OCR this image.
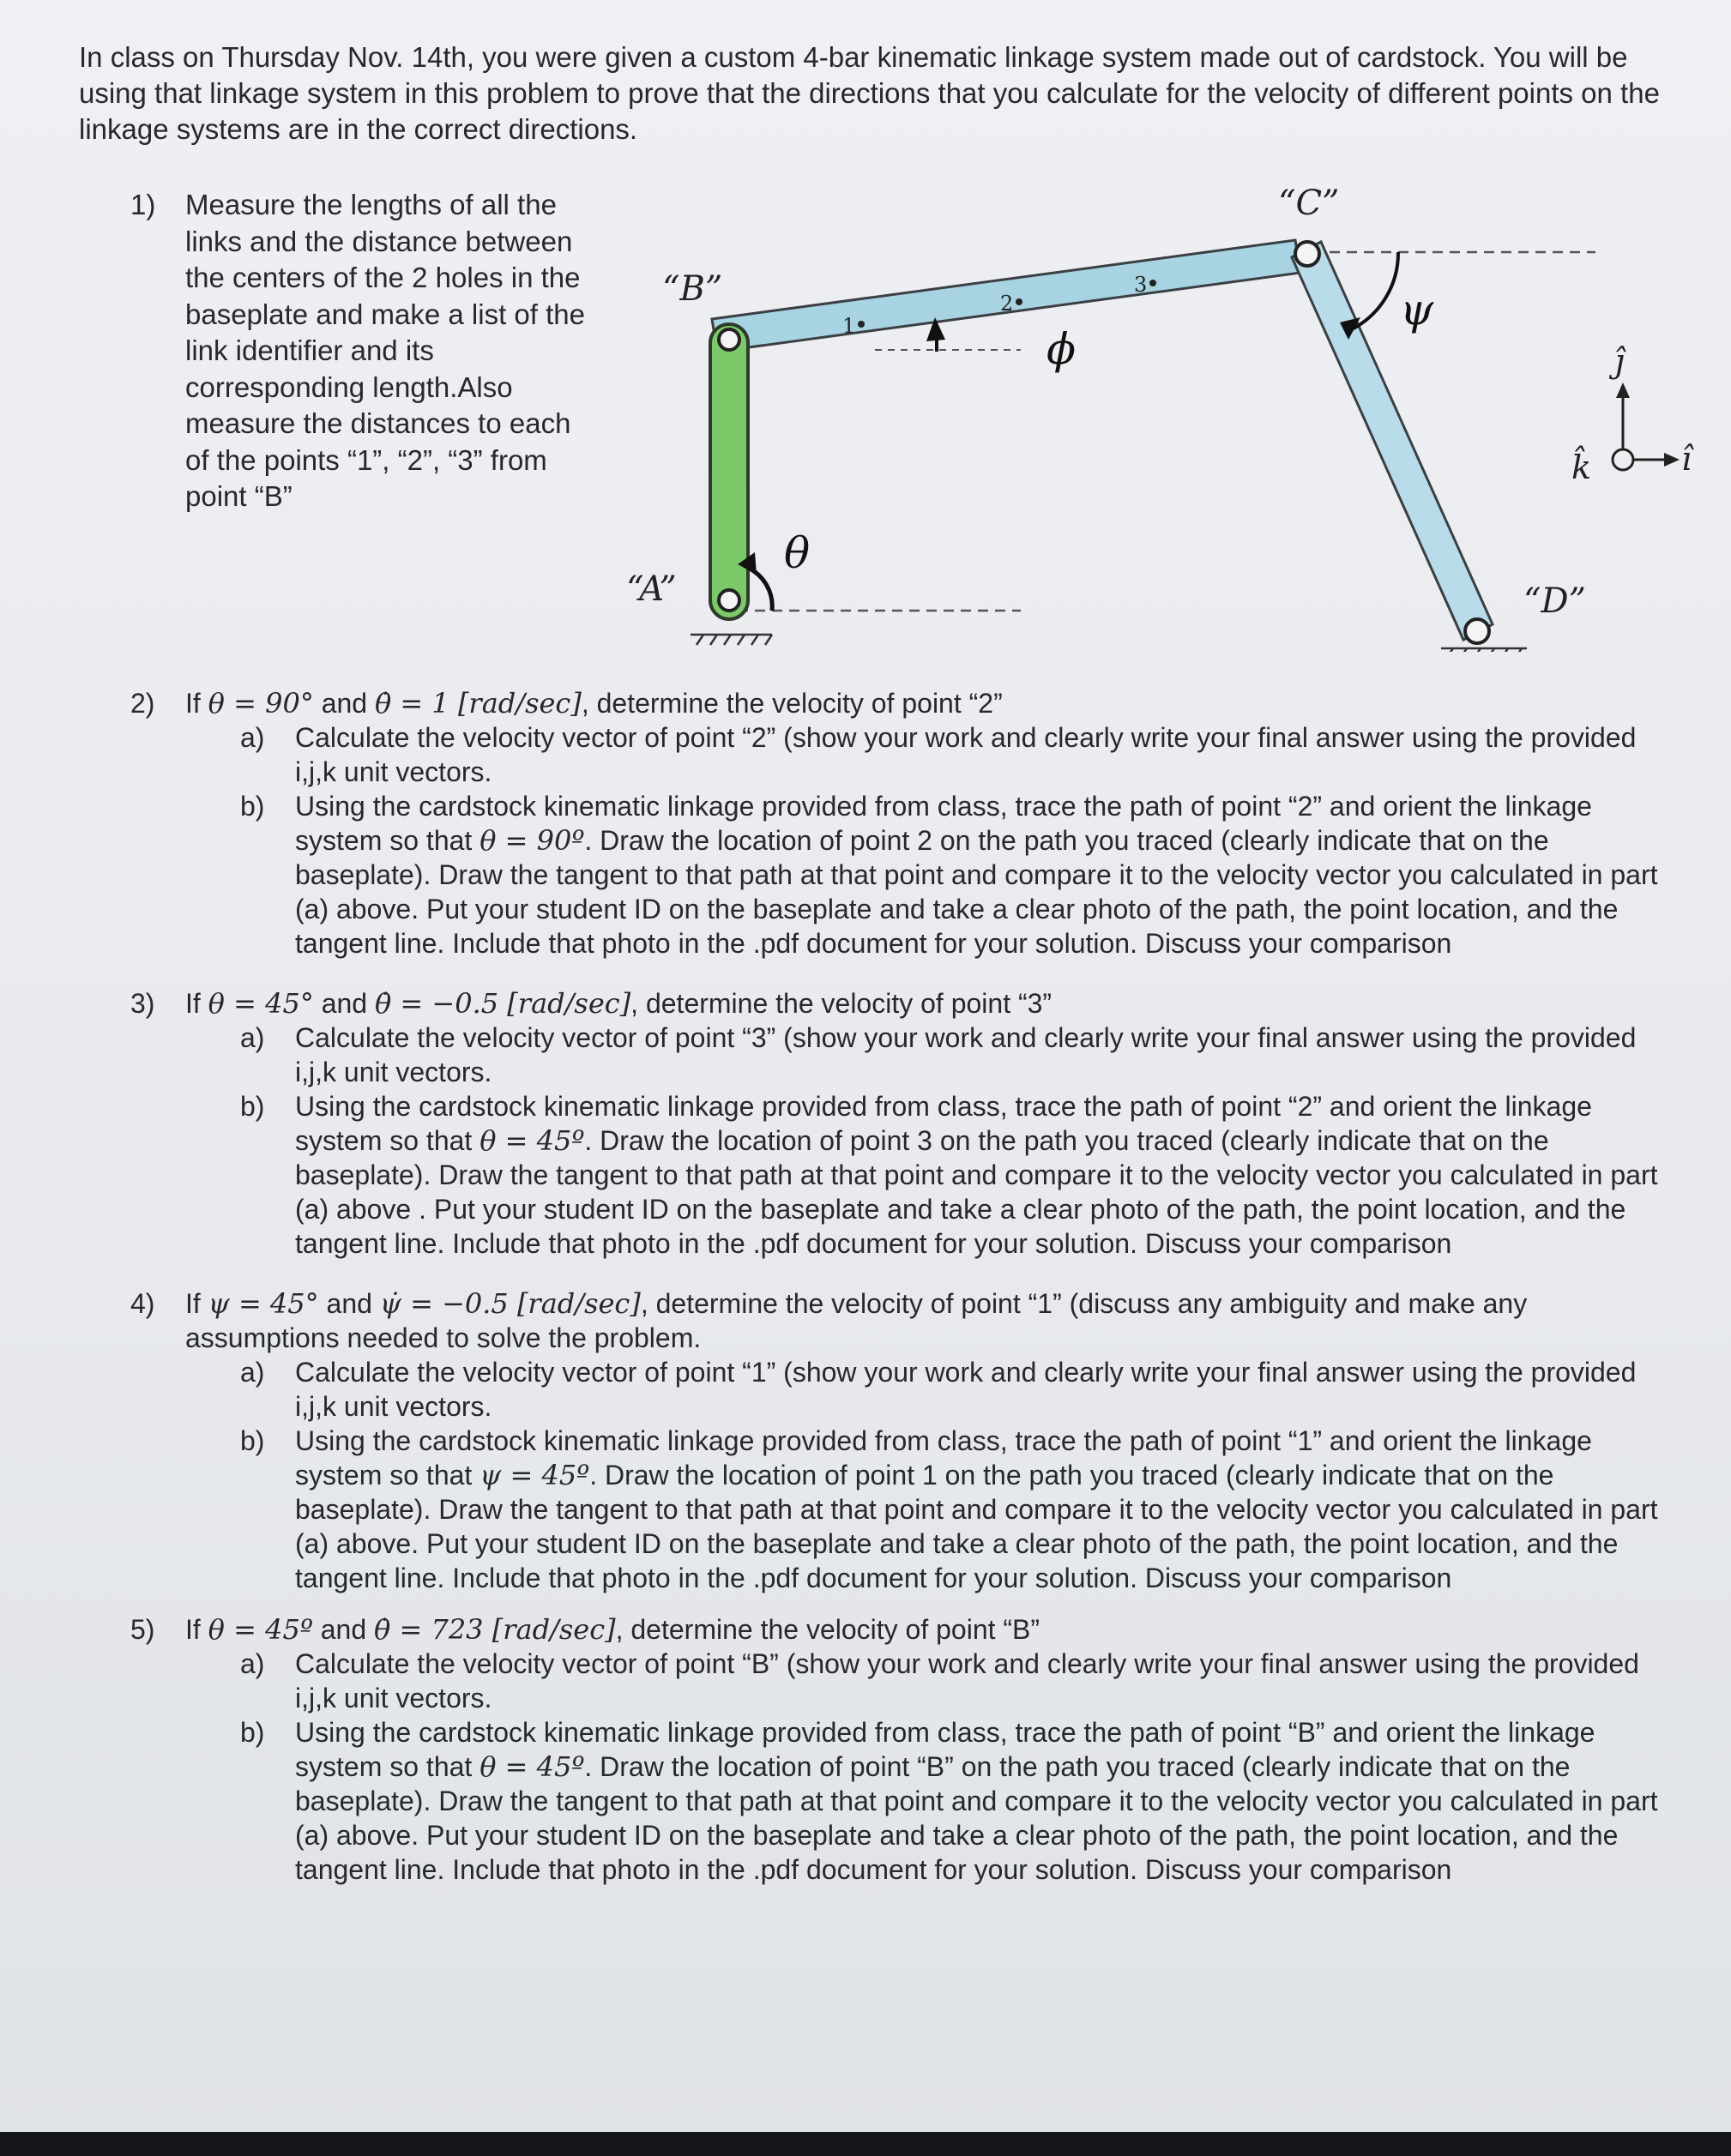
In class on Thursday Nov. 14th, you were given a custom 4-bar kinematic linkage system made out of cardstock. You will be using that linkage system in this problem to prove that the directions that you calculate for the velocity of different points on the linkage systems are in the correct directions.
1) Measure the lengths of all the links and the distance between the centers of the 2 holes in the baseplate and make a list of the link identifier and its corresponding length.Also measure the distances to each of the points “1”, “2”, “3” from point “B”
1
2
3
“B”
“A”
“C”
“D”
θ
ϕ
ψ
ĵ
î
k̂
2) If θ = 90° and θ̇ = 1 [rad/sec], determine the velocity of point “2”
a) Calculate the velocity vector of point “2” (show your work and clearly write your final answer using the provided i,j,k unit vectors.
b) Using the cardstock kinematic linkage provided from class, trace the path of point “2” and orient the linkage system so that θ = 90º. Draw the location of point 2 on the path you traced (clearly indicate that on the baseplate). Draw the tangent to that path at that point and compare it to the velocity vector you calculated in part (a) above. Put your student ID on the baseplate and take a clear photo of the path, the point location, and the tangent line. Include that photo in the .pdf document for your solution. Discuss your comparison
3) If θ = 45° and θ̇ = −0.5 [rad/sec], determine the velocity of point “3”
a) Calculate the velocity vector of point “3” (show your work and clearly write your final answer using the provided i,j,k unit vectors.
b) Using the cardstock kinematic linkage provided from class, trace the path of point “2” and orient the linkage system so that θ = 45º. Draw the location of point 3 on the path you traced (clearly indicate that on the baseplate). Draw the tangent to that path at that point and compare it to the velocity vector you calculated in part (a) above . Put your student ID on the baseplate and take a clear photo of the path, the point location, and the tangent line. Include that photo in the .pdf document for your solution. Discuss your comparison
4) If ψ = 45° and ψ̇ = −0.5 [rad/sec], determine the velocity of point “1” (discuss any ambiguity and make any assumptions needed to solve the problem.
a) Calculate the velocity vector of point “1” (show your work and clearly write your final answer using the provided i,j,k unit vectors.
b) Using the cardstock kinematic linkage provided from class, trace the path of point “1” and orient the linkage system so that ψ = 45º. Draw the location of point 1 on the path you traced (clearly indicate that on the baseplate). Draw the tangent to that path at that point and compare it to the velocity vector you calculated in part (a) above. Put your student ID on the baseplate and take a clear photo of the path, the point location, and the tangent line. Include that photo in the .pdf document for your solution. Discuss your comparison
5) If θ = 45º and θ̇ = 723 [rad/sec], determine the velocity of point “B”
a) Calculate the velocity vector of point “B” (show your work and clearly write your final answer using the provided i,j,k unit vectors.
b) Using the cardstock kinematic linkage provided from class, trace the path of point “B” and orient the linkage system so that θ = 45º. Draw the location of point “B” on the path you traced (clearly indicate that on the baseplate). Draw the tangent to that path at that point and compare it to the velocity vector you calculated in part (a) above. Put your student ID on the baseplate and take a clear photo of the path, the point location, and the tangent line. Include that photo in the .pdf document for your solution. Discuss your comparison
